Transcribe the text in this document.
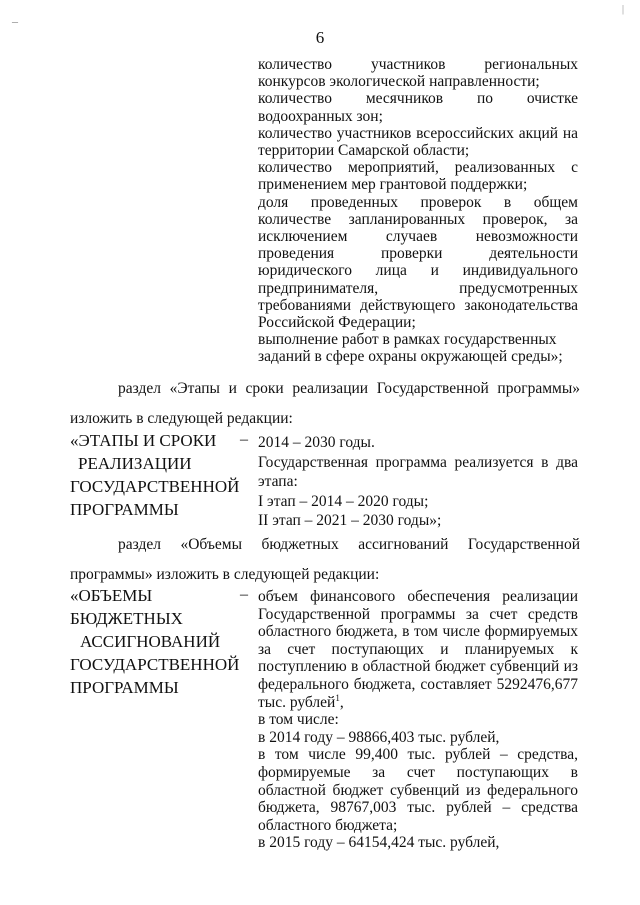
–
|
6

количество участников региональных конкурсов экологической направленности;

количество месячников по очистке водоохранных зон;

количество участников всероссийских акций на территории Самарской области;

количество мероприятий, реализованных с применением мер грантовой поддержки;

доля проведенных проверок в общем количестве запланированных проверок, за исключением случаев невозможности проведения проверки деятельности юридического лица и индивидуального предпринимателя, предусмотренных требованиями действующего законодательства Российской Федерации;

выполнение работ в рамках государственных заданий в сфере охраны окружающей среды»;

раздел «Этапы и сроки реализации Государственной программы» изложить в следующей редакции:

«ЭТАПЫ И СРОКИ

РЕАЛИЗАЦИИ

ГОСУДАРСТВЕННОЙ

ПРОГРАММЫ

– 2014 – 2030 годы.

Государственная программа реализуется в два этапа:

I этап – 2014 – 2020 годы;

II этап – 2021 – 2030 годы»;

раздел «Объемы бюджетных ассигнований Государственной программы» изложить в следующей редакции:

«ОБЪЕМЫ

БЮДЖЕТНЫХ

АССИГНОВАНИЙ

ГОСУДАРСТВЕННОЙ

ПРОГРАММЫ

– объем финансового обеспечения реализации Государственной программы за счет средств областного бюджета, в том числе формируемых за счет поступающих и планируемых к поступлению в областной бюджет субвенций из федерального бюджета, составляет 5292476,677 тыс. рублей$^1$,

в том числе:

в 2014 году – 98866,403 тыс. рублей,

в том числе 99,400 тыс. рублей – средства, формируемые за счет поступающих в областной бюджет субвенций из федерального бюджета, 98767,003 тыс. рублей – средства областного бюджета;

в 2015 году – 64154,424 тыс. рублей,
